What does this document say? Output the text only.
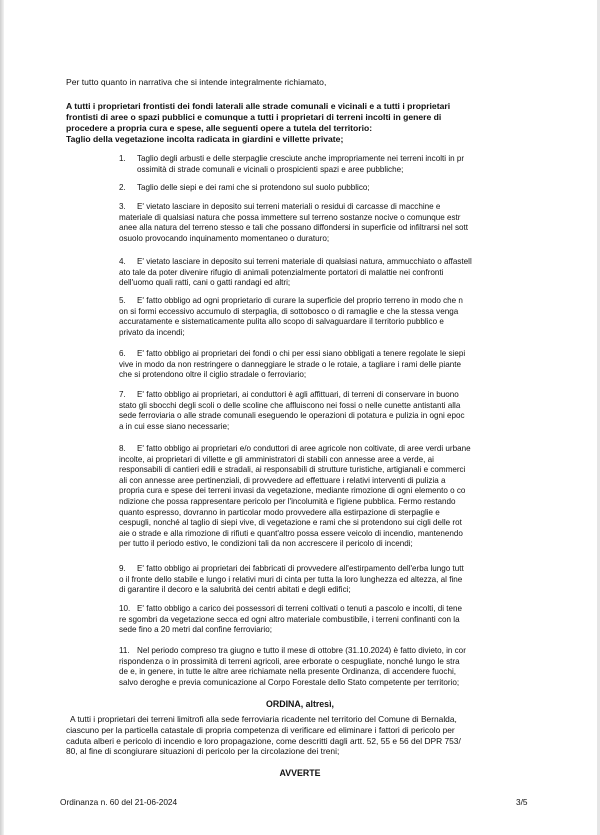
Per tutto quanto in narrativa che si intende integralmente richiamato,
A tutti i proprietari frontisti dei fondi laterali alle strade comunali e vicinali e a tutti i proprietari
frontisti di aree o spazi pubblici e comunque a tutti i proprietari di terreni incolti in genere di
procedere a propria cura e spese, alle seguenti opere a tutela del territorio:
Taglio della vegetazione incolta radicata in giardini e villette private;
1. Taglio degli arbusti e delle sterpaglie cresciute anche impropriamente nei terreni incolti in pr
ossimità di strade comunali e vicinali o prospicienti spazi e aree pubbliche;
2. Taglio delle siepi e dei rami che si protendono sul suolo pubblico;
3. E' vietato lasciare in deposito sui terreni materiali o residui di carcasse di macchine e
materiale di qualsiasi natura che possa immettere sul terreno sostanze nocive o comunque estr
anee alla natura del terreno stesso e tali che possano diffondersi in superficie od infiltrarsi nel sott
osuolo provocando inquinamento momentaneo o duraturo;
4. E' vietato lasciare in deposito sui terreni materiale di qualsiasi natura, ammucchiato o affastell
ato tale da poter divenire rifugio di animali potenzialmente portatori di malattie nei confronti
dell'uomo quali ratti, cani o gatti randagi ed altri;
5. E' fatto obbligo ad ogni proprietario di curare la superficie del proprio terreno in modo che n
on si formi eccessivo accumulo di sterpaglia, di sottobosco o di ramaglie e che la stessa venga
accuratamente e sistematicamente pulita allo scopo di salvaguardare il territorio pubblico e
privato da incendi;
6. E' fatto obbligo ai proprietari dei fondi o chi per essi siano obbligati a tenere regolate le siepi
vive in modo da non restringere o danneggiare le strade o le rotaie, a tagliare i rami delle piante
che si protendono oltre il ciglio stradale o ferroviario;
7. E' fatto obbligo ai proprietari, ai conduttori è agli affittuari, di terreni di conservare in buono
stato gli sbocchi degli scoli o delle scoline che affluiscono nei fossi o nelle cunette antistanti alla
sede ferroviaria o alle strade comunali eseguendo le operazioni di potatura e pulizia in ogni epoc
a in cui esse siano necessarie;
8. E' fatto obbligo ai proprietari e/o conduttori di aree agricole non coltivate, di aree verdi urbane
incolte, ai proprietari di villette e gli amministratori di stabili con annesse aree a verde, ai
responsabili di cantieri edili e stradali, ai responsabili di strutture turistiche, artigianali e commerci
ali con annesse aree pertinenziali, di provvedere ad effettuare i relativi interventi di pulizia a
propria cura e spese dei terreni invasi da vegetazione, mediante rimozione di ogni elemento o co
ndizione che possa rappresentare pericolo per l'incolumità e l'igiene pubblica. Fermo restando
quanto espresso, dovranno in particolar modo provvedere alla estirpazione di sterpaglie e
cespugli, nonché al taglio di siepi vive, di vegetazione e rami che si protendono sui cigli delle rot
aie o strade e alla rimozione di rifiuti e quant'altro possa essere veicolo di incendio, mantenendo
per tutto il periodo estivo, le condizioni tali da non accrescere il pericolo di incendi;
9. E' fatto obbligo ai proprietari dei fabbricati di provvedere all'estirpamento dell'erba lungo tutt
o il fronte dello stabile e lungo i relativi muri di cinta per tutta la loro lunghezza ed altezza, al fine
di garantire il decoro e la salubrità dei centri abitati e degli edifici;
10. E' fatto obbligo a carico dei possessori di terreni coltivati o tenuti a pascolo e incolti, di tene
re sgombri da vegetazione secca ed ogni altro materiale combustibile, i terreni confinanti con la
sede fino a 20 metri dal confine ferroviario;
11. Nel periodo compreso tra giugno e tutto il mese di ottobre (31.10.2024) è fatto divieto, in cor
rispondenza o in prossimità di terreni agricoli, aree erborate o cespugliate, nonché lungo le stra
de e, in genere, in tutte le altre aree richiamate nella presente Ordinanza, di accendere fuochi,
salvo deroghe e previa comunicazione al Corpo Forestale dello Stato competente per territorio;
ORDINA, altresì,
A tutti i proprietari dei terreni limitrofi alla sede ferroviaria ricadente nel territorio del Comune di Bernalda,
ciascuno per la particella catastale di propria competenza di verificare ed eliminare i fattori di pericolo per
caduta alberi e pericolo di incendio e loro propagazione, come descritti dagli artt. 52, 55 e 56 del DPR 753/
80, al fine di scongiurare situazioni di pericolo per la circolazione dei treni;
AVVERTE
Ordinanza n. 60 del 21-06-2024	3/5
